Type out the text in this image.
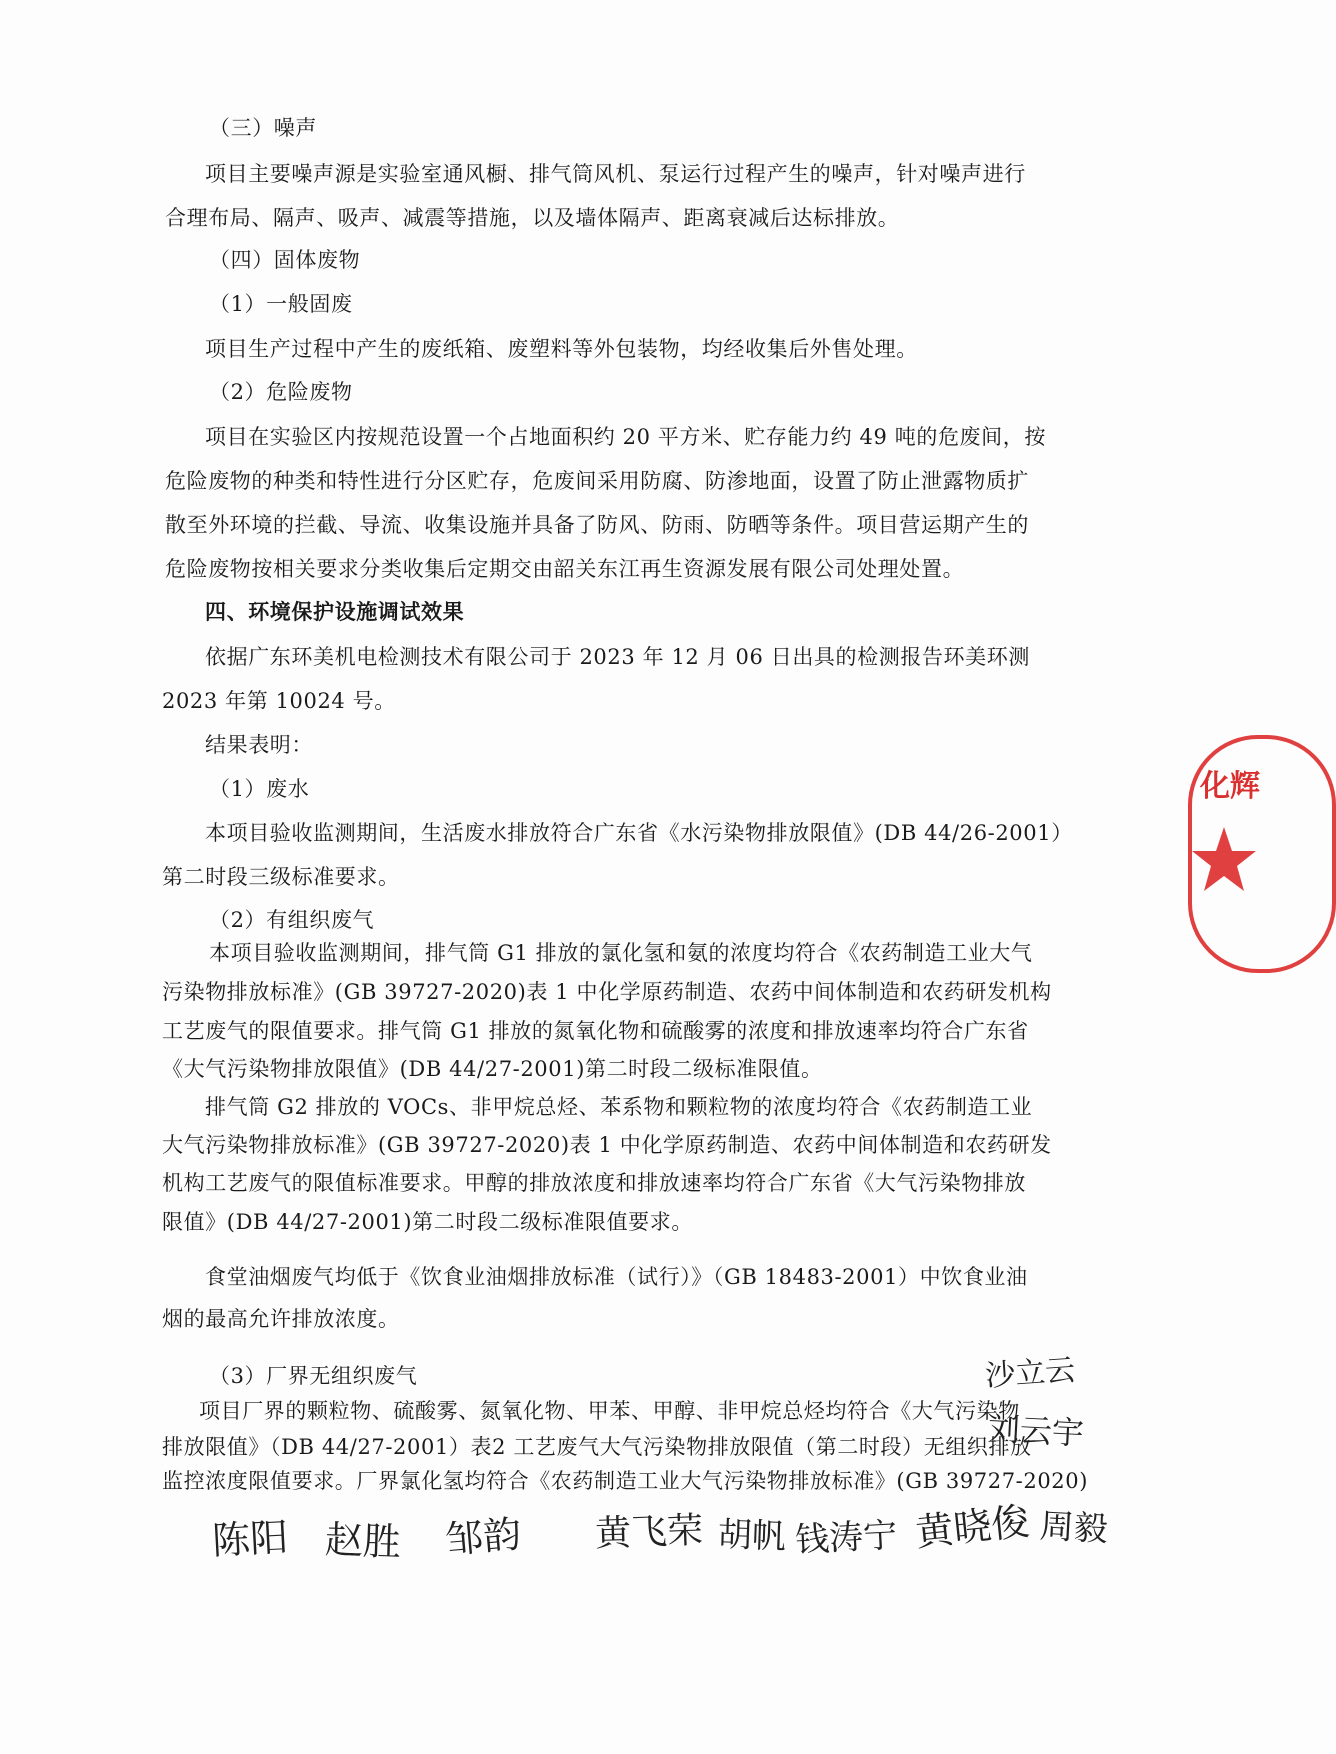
（三）噪声

项目主要噪声源是实验室通风橱、排气筒风机、泵运行过程产生的噪声，针对噪声进行

合理布局、隔声、吸声、减震等措施，以及墙体隔声、距离衰减后达标排放。

（四）固体废物

（1）一般固废

项目生产过程中产生的废纸箱、废塑料等外包装物，均经收集后外售处理。

（2）危险废物

项目在实验区内按规范设置一个占地面积约 20 平方米、贮存能力约 49 吨的危废间，按

危险废物的种类和特性进行分区贮存，危废间采用防腐、防渗地面，设置了防止泄露物质扩

散至外环境的拦截、导流、收集设施并具备了防风、防雨、防晒等条件。项目营运期产生的

危险废物按相关要求分类收集后定期交由韶关东江再生资源发展有限公司处理处置。

四、环境保护设施调试效果

依据广东环美机电检测技术有限公司于 2023 年 12 月 06 日出具的检测报告环美环测

2023 年第 10024 号。

结果表明：

（1）废水

本项目验收监测期间，生活废水排放符合广东省《水污染物排放限值》(DB 44/26-2001）

第二时段三级标准要求。

（2）有组织废气

本项目验收监测期间，排气筒 G1 排放的氯化氢和氨的浓度均符合《农药制造工业大气

污染物排放标准》(GB 39727-2020)表 1 中化学原药制造、农药中间体制造和农药研发机构

工艺废气的限值要求。排气筒 G1 排放的氮氧化物和硫酸雾的浓度和排放速率均符合广东省

《大气污染物排放限值》(DB 44/27-2001)第二时段二级标准限值。

排气筒 G2 排放的 VOCs、非甲烷总烃、苯系物和颗粒物的浓度均符合《农药制造工业

大气污染物排放标准》(GB 39727-2020)表 1 中化学原药制造、农药中间体制造和农药研发

机构工艺废气的限值标准要求。甲醇的排放浓度和排放速率均符合广东省《大气污染物排放

限值》(DB 44/27-2001)第二时段二级标准限值要求。

食堂油烟废气均低于《饮食业油烟排放标准（试行）》（GB 18483-2001）中饮食业油

烟的最高允许排放浓度。

（3）厂界无组织废气

项目厂界的颗粒物、硫酸雾、氮氧化物、甲苯、甲醇、非甲烷总烃均符合《大气污染物

排放限值》（DB 44/27-2001）表2 工艺废气大气污染物排放限值（第二时段）无组织排放

监控浓度限值要求。厂界氯化氢均符合《农药制造工业大气污染物排放标准》(GB 39727-2020)

化辉
沙立云
刘云宇
陈阳 赵胜 邹韵 黄飞荣 胡帆 钱涛宁 黄晓俊 周毅
